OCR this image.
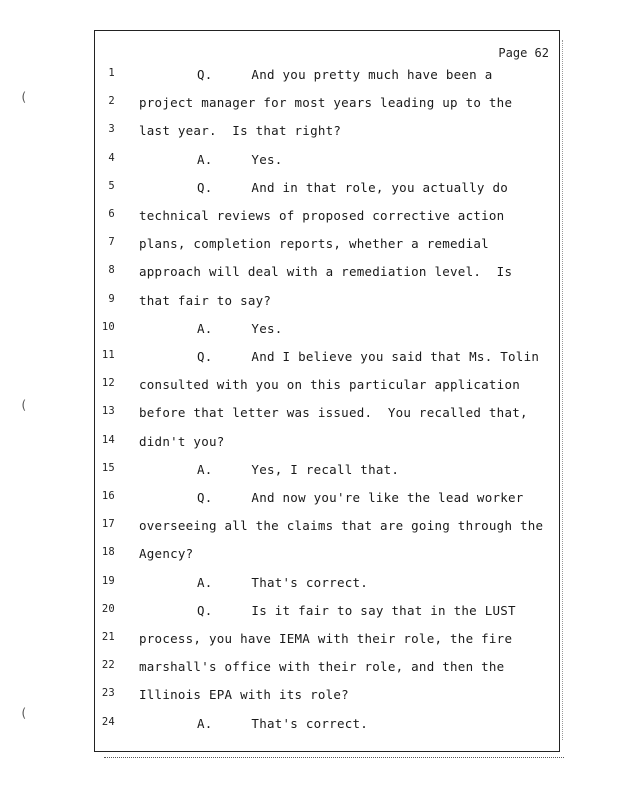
Page 62
1	Q.     And you pretty much have been a
2 project manager for most years leading up to the
3 last year.  Is that right?
4	A.     Yes.
5	Q.     And in that role, you actually do
6 technical reviews of proposed corrective action
7 plans, completion reports, whether a remedial
8 approach will deal with a remediation level.  Is
9 that fair to say?
10	A.     Yes.
11	Q.     And I believe you said that Ms. Tolin
12 consulted with you on this particular application
13 before that letter was issued.  You recalled that,
14 didn't you?
15	A.     Yes, I recall that.
16	Q.     And now you're like the lead worker
17 overseeing all the claims that are going through the
18 Agency?
19	A.     That's correct.
20	Q.     Is it fair to say that in the LUST
21 process, you have IEMA with their role, the fire
22 marshall's office with their role, and then the
23 Illinois EPA with its role?
24	A.     That's correct.
(
(
(
